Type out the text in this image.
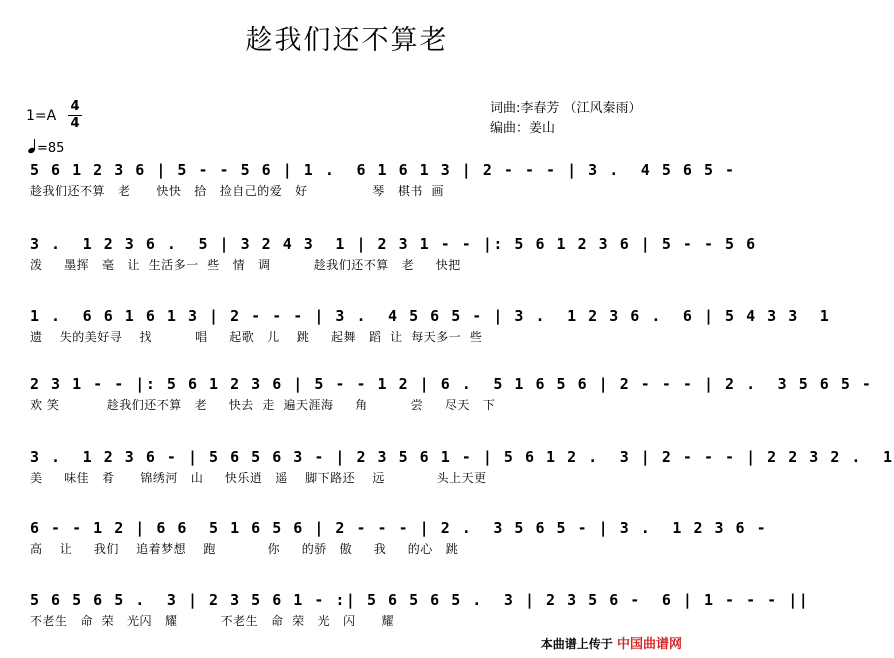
趁我们还不算老
1=A
4
4
=85
词曲:李春芳 （江风秦雨）
编曲：姜山
5 6 1 2 3 6 | 5 - - 5 6 | 1 .  6 1 6 1 3 | 2 - - - | 3 .  4 5 6 5 -
趁我们还不算   老      快快   拾   捡自己的爱   好               琴   棋书  画
3 .  1 2 3 6 .  5 | 3 2 4 3  1 | 2 3 1 - - |: 5 6 1 2 3 6 | 5 - - 5 6
泼     墨挥   毫   让  生活多一  些   情   调          趁我们还不算   老     快把
1 .  6 6 1 6 1 3 | 2 - - - | 3 .  4 5 6 5 - | 3 .  1 2 3 6 .  6 | 5 4 3 3  1
遗    失的美好寻    找          唱     起歌   儿    跳     起舞   蹈  让  每天多一  些
2 3 1 - - |: 5 6 1 2 3 6 | 5 - - 1 2 | 6 .  5 1 6 5 6 | 2 - - - | 2 .  3 5 6 5 -
欢 笑           趁我们还不算   老     快去  走  遍天涯海     角          尝     尽天   下
3 .  1 2 3 6 - | 5 6 5 6 3 - | 2 3 5 6 1 - | 5 6 1 2 .  3 | 2 - - - | 2 2 3 2 .  1
美     味佳   肴      锦绣河   山     快乐逍   遥    脚下路还    远            头上天更
6 - - 1 2 | 6 6  5 1 6 5 6 | 2 - - - | 2 .  3 5 6 5 - | 3 .  1 2 3 6 -
高    让     我们    追着梦想    跑            你     的骄   傲     我     的心   跳
5 6 5 6 5 .  3 | 2 3 5 6 1 - :| 5 6 5 6 5 .  3 | 2 3 5 6 -  6 | 1 - - - ||
不老生   命  荣   光闪   耀          不老生   命  荣   光   闪      耀
本曲谱上传于 中国曲谱网
